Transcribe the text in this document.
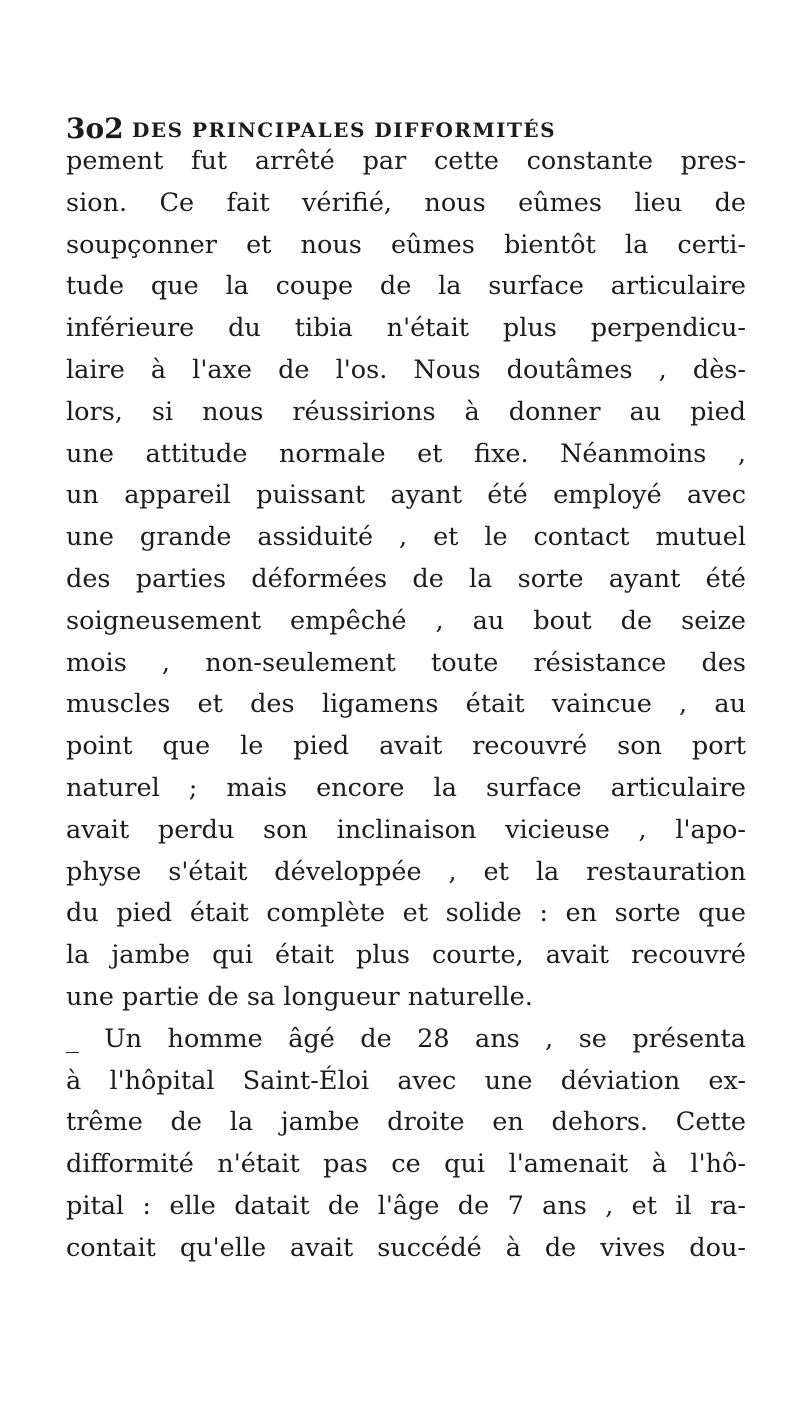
3o2 DES PRINCIPALES DIFFORMITÉS
pement fut arrêté par cette constante pres-
sion. Ce fait vérifié, nous eûmes lieu de
soupçonner et nous eûmes bientôt la certi-
tude que la coupe de la surface articulaire
inférieure du tibia n'était plus perpendicu-
laire à l'axe de l'os. Nous doutâmes , dès-
lors, si nous réussirions à donner au pied
une attitude normale et fixe. Néanmoins ,
un appareil puissant ayant été employé avec
une grande assiduité , et le contact mutuel
des parties déformées de la sorte ayant été
soigneusement empêché , au bout de seize
mois , non-seulement toute résistance des
muscles et des ligamens était vaincue , au
point que le pied avait recouvré son port
naturel ; mais encore la surface articulaire
avait perdu son inclinaison vicieuse , l'apo-
physe s'était développée , et la restauration
du pied était complète et solide : en sorte que
la jambe qui était plus courte, avait recouvré
une partie de sa longueur naturelle.
_ Un homme âgé de 28 ans , se présenta
à l'hôpital Saint-Éloi avec une déviation ex-
trême de la jambe droite en dehors. Cette
difformité n'était pas ce qui l'amenait à l'hô-
pital : elle datait de l'âge de 7 ans , et il ra-
contait qu'elle avait succédé à de vives dou-
